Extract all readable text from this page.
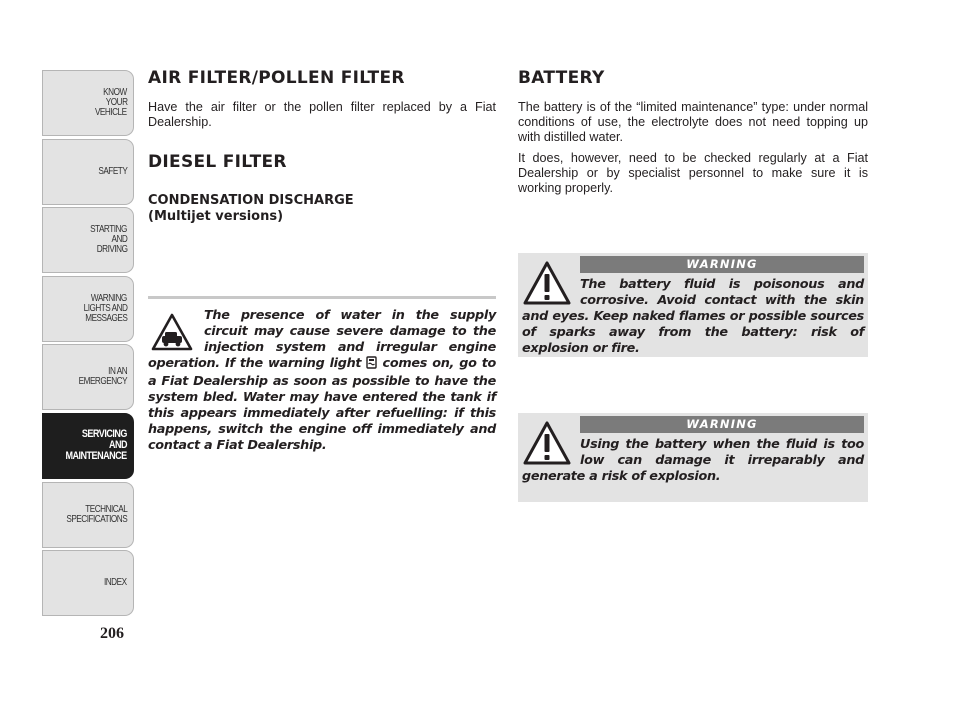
KNOW
YOUR
VEHICLE
SAFETY
STARTING
AND
DRIVING
WARNING
LIGHTS AND
MESSAGES
IN AN
EMERGENCY
SERVICING
AND
MAINTENANCE
TECHNICAL
SPECIFICATIONS
INDEX
206
AIR FILTER/POLLEN FILTER

Have the air filter or the pollen filter replaced by a Fiat Dealership.

DIESEL FILTER
CONDENSATION DISCHARGE
(Multijet versions)
The presence of water in the supply circuit may cause severe damage to the injection system and irregular engine operation. If the warning light  comes on, go to a Fiat Dealership as soon as possible to have the system bled. Water may have entered the tank if this appears immediately after refuelling: if this happens, switch the engine off immediately and contact a Fiat Dealership.
BATTERY

The battery is of the “limited maintenance” type: under normal conditions of use, the electrolyte does not need topping up with distilled water.

It does, however, need to be checked regularly at a Fiat Dealership or by specialist personnel to make sure it is working properly.

WARNING
The battery fluid is poisonous and corrosive. Avoid contact with the skin and eyes. Keep naked flames or possible sources of sparks away from the battery: risk of explosion or fire.
WARNING
Using the battery when the fluid is too low can damage it irreparably and generate a risk of explosion.
